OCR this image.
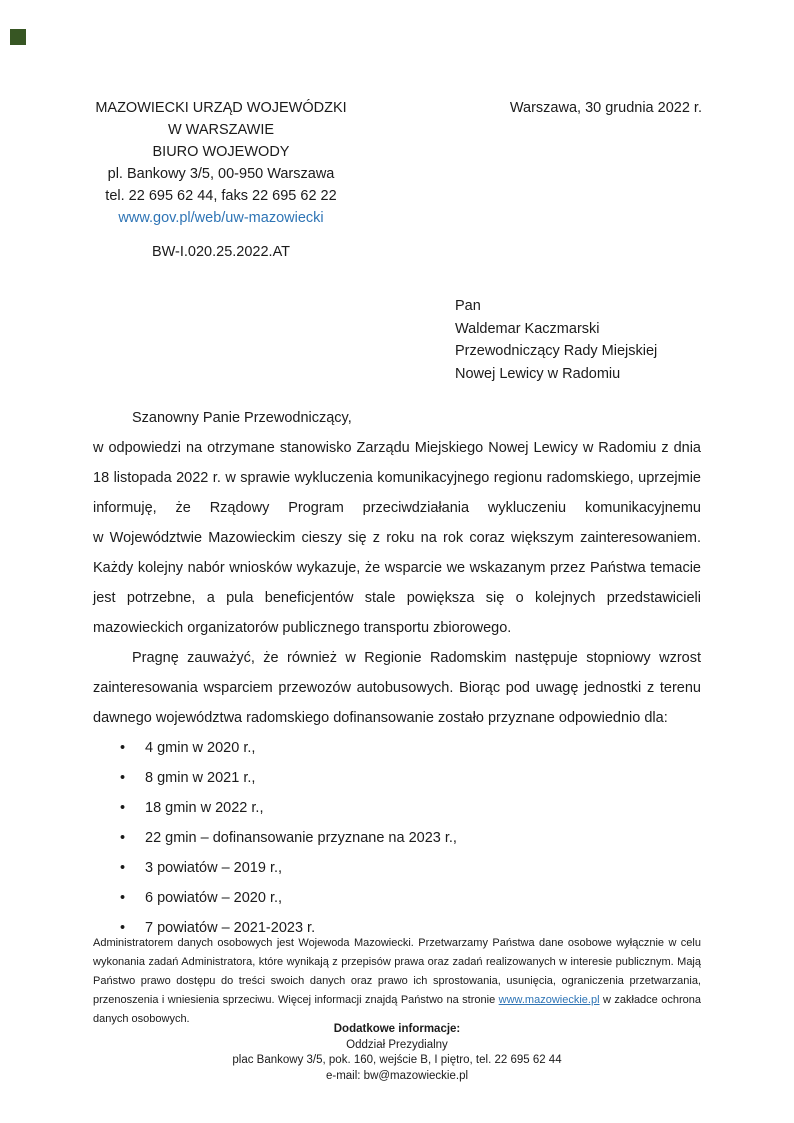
MAZOWIECKI URZĄD WOJEWÓDZKI
W WARSZAWIE
BIURO WOJEWODY
pl. Bankowy 3/5, 00-950 Warszawa
tel. 22 695 62 44, faks 22 695 62 22
www.gov.pl/web/uw-mazowiecki
Warszawa, 30 grudnia 2022 r.
BW-I.020.25.2022.AT
Pan
Waldemar Kaczmarski
Przewodniczący Rady Miejskiej
Nowej Lewicy w Radomiu
Szanowny Panie Przewodniczący,
w odpowiedzi na otrzymane stanowisko Zarządu Miejskiego Nowej Lewicy w Radomiu z dnia
18 listopada 2022 r. w sprawie wykluczenia komunikacyjnego regionu radomskiego, uprzejmie
informuję, że Rządowy Program przeciwdziałania wykluczeniu komunikacyjnemu
w Województwie Mazowieckim cieszy się z roku na rok coraz większym zainteresowaniem.
Każdy kolejny nabór wniosków wykazuje, że wsparcie we wskazanym przez Państwa temacie
jest potrzebne, a pula beneficjentów stale powiększa się o kolejnych przedstawicieli
mazowieckich organizatorów publicznego transportu zbiorowego.
Pragnę zauważyć, że również w Regionie Radomskim następuje stopniowy wzrost
zainteresowania wsparciem przewozów autobusowych. Biorąc pod uwagę jednostki z terenu
dawnego województwa radomskiego dofinansowanie zostało przyznane odpowiednio dla:
• 4 gmin w 2020 r.,
• 8 gmin w 2021 r.,
• 18 gmin w 2022 r.,
• 22 gmin – dofinansowanie przyznane na 2023 r.,
• 3 powiatów – 2019 r.,
• 6 powiatów – 2020 r.,
• 7 powiatów – 2021-2023 r.
Administratorem danych osobowych jest Wojewoda Mazowiecki. Przetwarzamy Państwa dane osobowe wyłącznie w celu
wykonania zadań Administratora, które wynikają z przepisów prawa oraz zadań realizowanych w interesie publicznym. Mają
Państwo prawo dostępu do treści swoich danych oraz prawo ich sprostowania, usunięcia, ograniczenia przetwarzania,
przenoszenia i wniesienia sprzeciwu. Więcej informacji znajdą Państwo na stronie www.mazowieckie.pl w zakładce ochrona
danych osobowych.
Dodatkowe informacje:
Oddział Prezydialny
plac Bankowy 3/5, pok. 160, wejście B, I piętro, tel. 22 695 62 44
e-mail: bw@mazowieckie.pl
